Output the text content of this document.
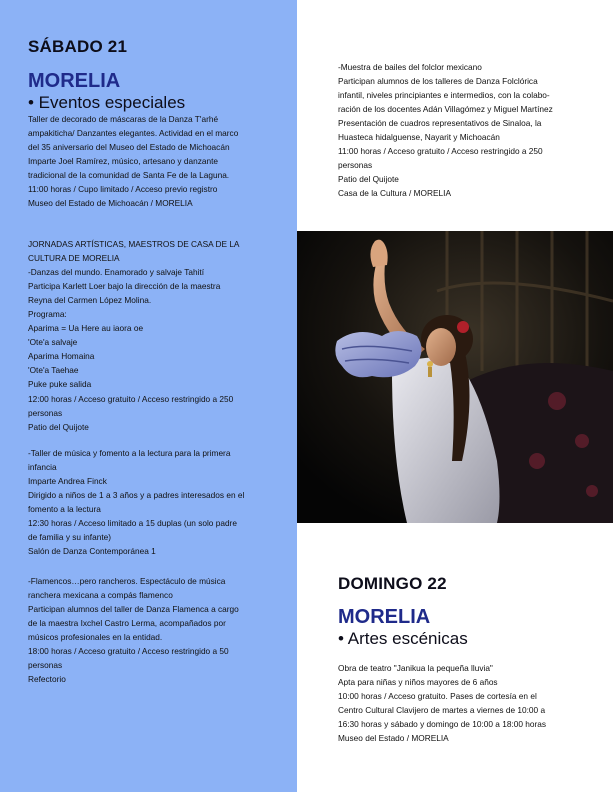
SÁBADO 21
MORELIA
• Eventos especiales
Taller de decorado de máscaras de la Danza T'arhé
ampakiticha/ Danzantes elegantes. Actividad en el marco
del 35 aniversario del Museo del Estado de Michoacán
Imparte Joel Ramírez, músico, artesano y danzante
tradicional de la comunidad de Santa Fe de la Laguna.
11:00 horas / Cupo limitado / Acceso previo registro
Museo del Estado de Michoacán / MORELIA
JORNADAS ARTÍSTICAS, MAESTROS DE CASA DE LA
CULTURA DE MORELIA
-Danzas del mundo. Enamorado y salvaje Tahití
Participa Karlett Loer bajo la dirección de la maestra
Reyna del Carmen López Molina.
Programa:
Aparima = Ua Here au iaora oe
'Ote'a salvaje
Aparima Homaina
'Ote'a Taehae
Puke puke salida
12:00 horas / Acceso gratuito / Acceso restringido a 250
personas
Patio del Quijote
-Taller de música y fomento a la lectura para la primera
infancia
Imparte Andrea Finck
Dirigido a niños de 1 a 3 años y a padres interesados en el
fomento a la lectura
12:30 horas / Acceso limitado a 15 duplas (un solo padre
de familia y su infante)
Salón de Danza Contemporánea 1
-Flamencos…pero rancheros. Espectáculo de música
ranchera mexicana a compás flamenco
Participan alumnos del taller de Danza Flamenca a cargo
de la maestra Ixchel Castro Lerma, acompañados por
músicos profesionales en la entidad.
18:00 horas / Acceso gratuito / Acceso restringido a 50
personas
Refectorio
-Muestra de bailes del folclor mexicano
Participan alumnos de los talleres de Danza Folclórica
infantil, niveles principiantes e intermedios, con la colabo-
ración de los docentes Adán Villagómez y Miguel Martínez
Presentación de cuadros representativos de Sinaloa, la
Huasteca hidalguense, Nayarit y Michoacán
11:00 horas / Acceso gratuito / Acceso restringido a 250
personas
Patio del Quijote
Casa de la Cultura / MORELIA
DOMINGO 22
MORELIA
• Artes escénicas
Obra de teatro "Janikua la pequeña lluvia"
Apta para niñas y niños mayores de 6 años
10:00 horas / Acceso gratuito. Pases de cortesía en el
Centro Cultural Clavijero de martes a viernes de 10:00 a
16:30 horas y sábado y domingo de 10:00 a 18:00 horas
Museo del Estado / MORELIA
